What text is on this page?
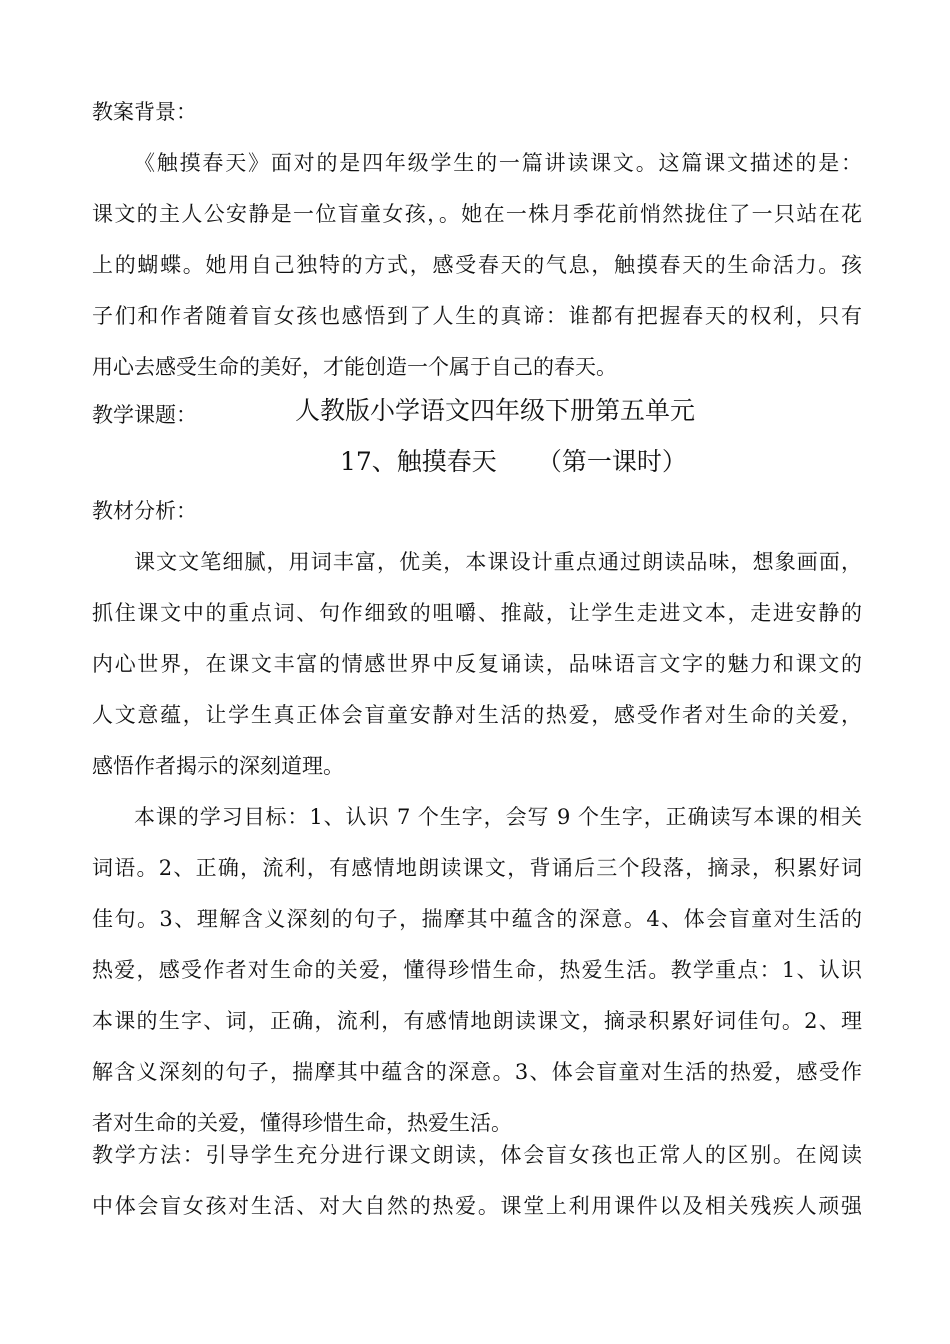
教案背景：
《触摸春天》面对的是四年级学生的一篇讲读课文。这篇课文描述的是：
课文的主人公安静是一位盲童女孩，。她在一株月季花前悄然拢住了一只站在花
上的蝴蝶。她用自己独特的方式，感受春天的气息，触摸春天的生命活力。孩
子们和作者随着盲女孩也感悟到了人生的真谛：谁都有把握春天的权利，只有
用心去感受生命的美好，才能创造一个属于自己的春天。
教学课题：	人教版小学语文四年级下册第五单元
17、触摸春天 （第一课时）
教材分析：
课文文笔细腻，用词丰富，优美，本课设计重点通过朗读品味，想象画面，
抓住课文中的重点词、句作细致的咀嚼、推敲，让学生走进文本，走进安静的
内心世界，在课文丰富的情感世界中反复诵读，品味语言文字的魅力和课文的
人文意蕴，让学生真正体会盲童安静对生活的热爱，感受作者对生命的关爱，
感悟作者揭示的深刻道理。
本课的学习目标：1、认识 7 个生字，会写 9 个生字，正确读写本课的相关
词语。2、正确，流利，有感情地朗读课文，背诵后三个段落，摘录，积累好词
佳句。3、理解含义深刻的句子，揣摩其中蕴含的深意。4、体会盲童对生活的
热爱，感受作者对生命的关爱，懂得珍惜生命，热爱生活。教学重点：1、认识
本课的生字、词，正确，流利，有感情地朗读课文，摘录积累好词佳句。2、理
解含义深刻的句子，揣摩其中蕴含的深意。3、体会盲童对生活的热爱，感受作
者对生命的关爱，懂得珍惜生命，热爱生活。
教学方法：引导学生充分进行课文朗读，体会盲女孩也正常人的区别。在阅读
中体会盲女孩对生活、对大自然的热爱。课堂上利用课件以及相关残疾人顽强
